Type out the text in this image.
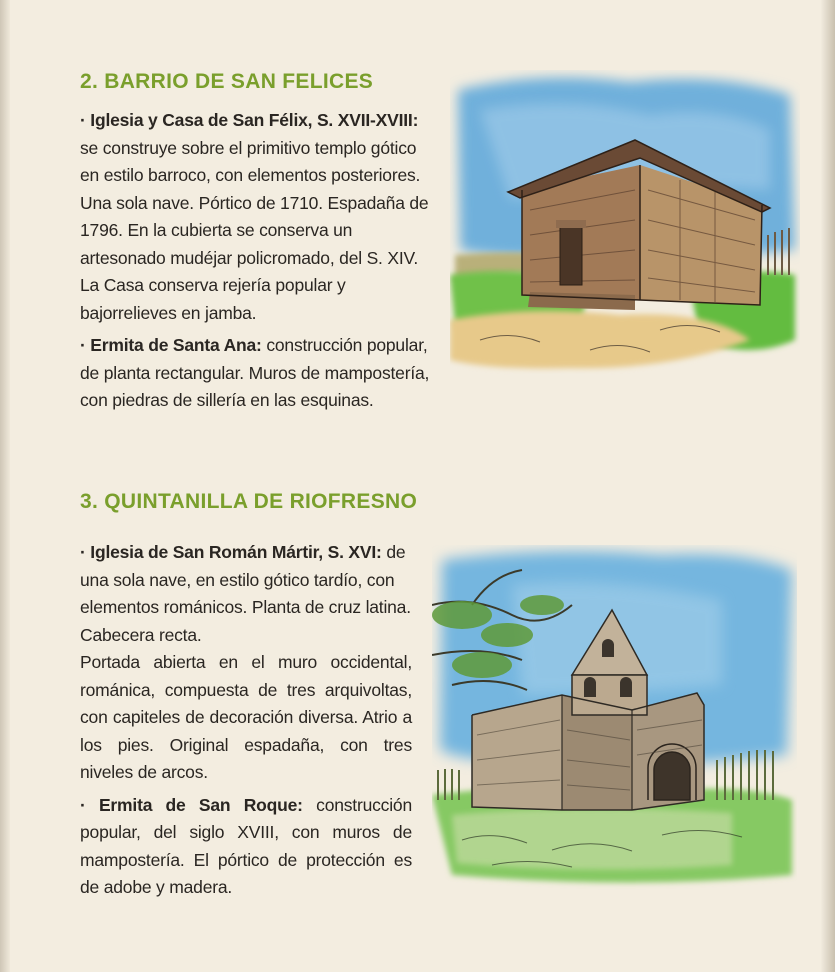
2. BARRIO DE SAN FELICES

· Iglesia y Casa de San Félix, S. XVII-XVIII: se construye sobre el primitivo templo gótico en estilo barroco, con elementos posteriores. Una sola nave. Pórtico de 1710. Espadaña de 1796. En la cubierta se conserva un artesonado mudéjar policromado, del S. XIV. La Casa conserva rejería popular y bajorrelieves en jamba.

· Ermita de Santa Ana: construcción popular, de planta rectangular. Muros de mampostería, con piedras de sillería en las esquinas.

3. QUINTANILLA DE RIOFRESNO

· Iglesia de San Román Mártir, S. XVI: de una sola nave, en estilo gótico tardío, con elementos románicos. Planta de cruz latina. Cabecera recta.

Portada abierta en el muro occidental, románica, compuesta de tres arquivoltas, con capiteles de decoración diversa. Atrio a los pies. Original espadaña, con tres niveles de arcos.

· Ermita de San Roque: construcción popular, del siglo XVIII, con muros de mampostería. El pórtico de protección es de adobe y madera.
